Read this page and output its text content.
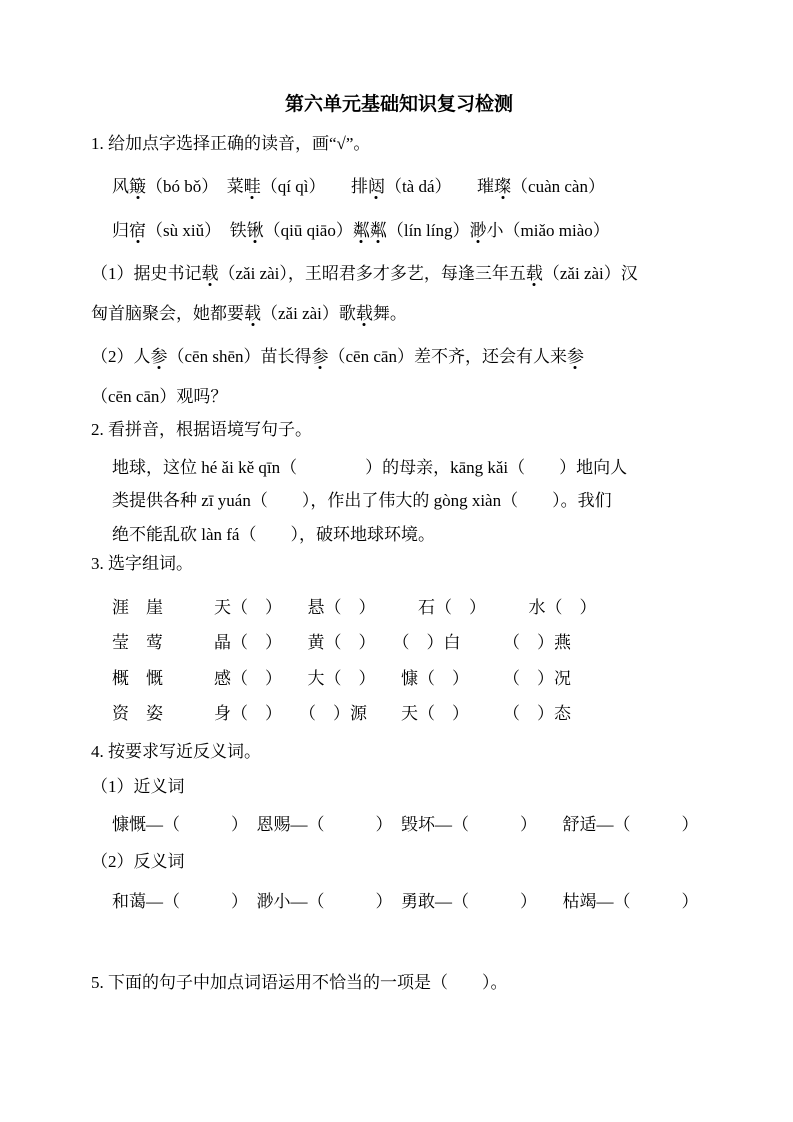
第六单元基础知识复习检测

1. 给加点字选择正确的读音，画“√”。

风簸（bó bǒ）　菜畦（qí qì）　　排闼（tà dá）　　璀璨（cuàn càn）

归宿（sù xiǔ）　铁锹（qiū qiāo）粼粼（lín líng）渺小（miǎo miào）

（1）据史书记载（zǎi zài），王昭君多才多艺，每逢三年五载（zǎi zài）汉

匈首脑聚会，她都要载（zǎi zài）歌载舞。

（2）人参（cēn shēn）苗长得参（cēn cān）差不齐，还会有人来参

（cēn cān）观吗？

2. 看拼音，根据语境写句子。

地球，这位 hé ǎi kě qīn（　　　　）的母亲，kāng kǎi（　　）地向人

类提供各种 zī yuán（　　），作出了伟大的 gòng xiàn（　　）。我们

绝不能乱砍 làn fá（　　），破环地球环境。

3. 选字组词。

涯　崖　　　天（　）　　悬（　）　　　石（　）　　　水（　）

莹　莺　　　晶（　）　　黄（　）　　（　）白　　　（　）燕

概　慨　　　感（　）　　大（　）　　慷（　）　　　（　）况

资　姿　　　身（　）　　（　）源　　天（　）　　　（　）态

4. 按要求写近反义词。

（1）近义词

慷慨—（　　　）　恩赐—（　　　）　毁坏—（　　　）　　舒适—（　　　）

（2）反义词

和蔼—（　　　）　渺小—（　　　）　勇敢—（　　　）　　枯竭—（　　　）

5. 下面的句子中加点词语运用不恰当的一项是（　　）。
